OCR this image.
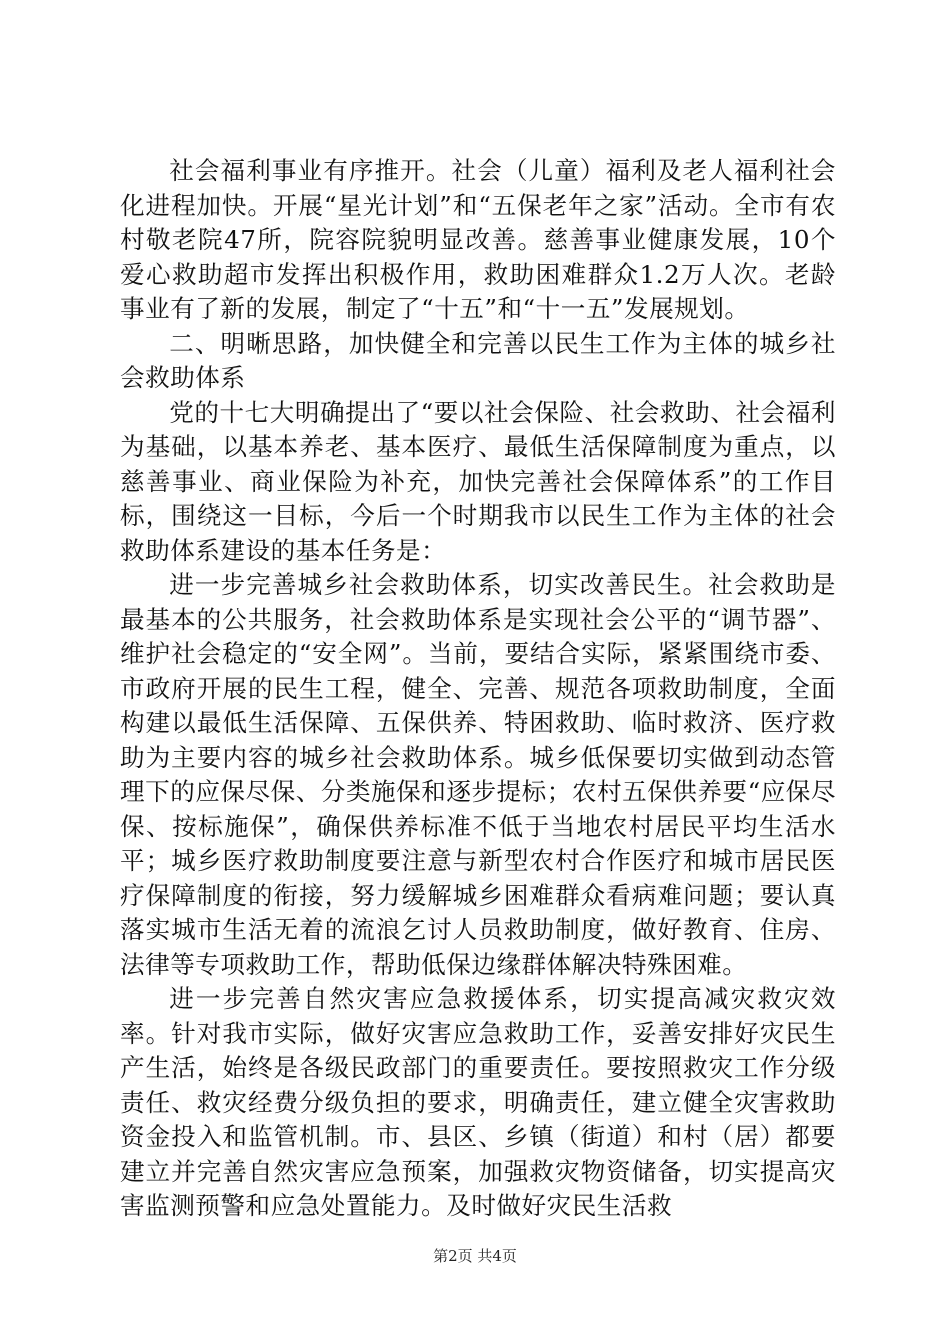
社会福利事业有序推开。社会（儿童）福利及老人福利社会化进程加快。开展“星光计划”和“五保老年之家”活动。全市有农村敬老院47所，院容院貌明显改善。慈善事业健康发展，10个爱心救助超市发挥出积极作用，救助困难群众1.2万人次。老龄事业有了新的发展，制定了“十五”和“十一五”发展规划。

二、明晰思路，加快健全和完善以民生工作为主体的城乡社会救助体系

党的十七大明确提出了“要以社会保险、社会救助、社会福利为基础，以基本养老、基本医疗、最低生活保障制度为重点，以慈善事业、商业保险为补充，加快完善社会保障体系”的工作目标，围绕这一目标，今后一个时期我市以民生工作为主体的社会救助体系建设的基本任务是：

进一步完善城乡社会救助体系，切实改善民生。社会救助是最基本的公共服务，社会救助体系是实现社会公平的“调节器”、维护社会稳定的“安全网”。当前，要结合实际，紧紧围绕市委、市政府开展的民生工程，健全、完善、规范各项救助制度，全面构建以最低生活保障、五保供养、特困救助、临时救济、医疗救助为主要内容的城乡社会救助体系。城乡低保要切实做到动态管理下的应保尽保、分类施保和逐步提标；农村五保供养要“应保尽保、按标施保”，确保供养标准不低于当地农村居民平均生活水平；城乡医疗救助制度要注意与新型农村合作医疗和城市居民医疗保障制度的衔接，努力缓解城乡困难群众看病难问题；要认真落实城市生活无着的流浪乞讨人员救助制度，做好教育、住房、法律等专项救助工作，帮助低保边缘群体解决特殊困难。

进一步完善自然灾害应急救援体系，切实提高减灾救灾效率。针对我市实际，做好灾害应急救助工作，妥善安排好灾民生产生活，始终是各级民政部门的重要责任。要按照救灾工作分级责任、救灾经费分级负担的要求，明确责任，建立健全灾害救助资金投入和监管机制。市、县区、乡镇（街道）和村（居）都要建立并完善自然灾害应急预案，加强救灾物资储备，切实提高灾害监测预警和应急处置能力。及时做好灾民生活救

第2页 共4页
